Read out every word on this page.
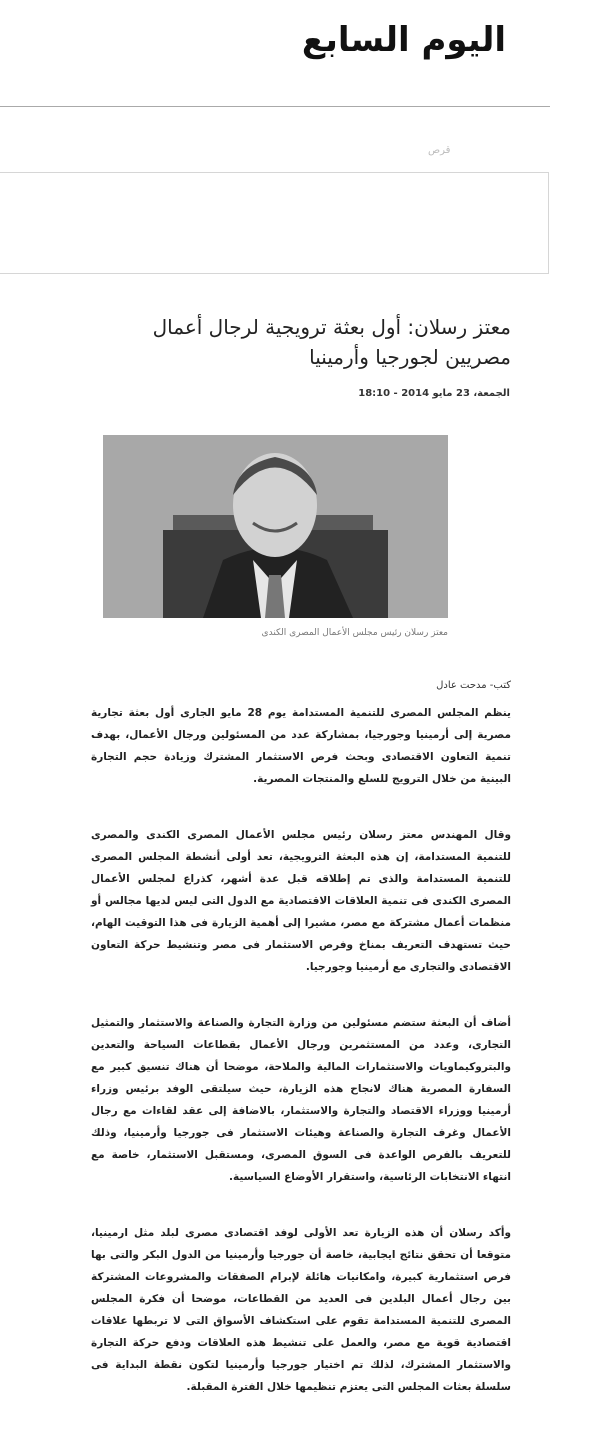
اليوم السابع
قرص
معتز رسلان: أول بعثة ترويجية لرجال أعمال مصريين لجورجيا وأرمينيا
الجمعة، 23 مايو 2014 - 18:10
معتز رسلان رئيس مجلس الأعمال المصرى الكندى
كتب- مدحت عادل

ينظم المجلس المصرى للتنمية المستدامة يوم 28 مايو الجارى أول بعثة تجارية مصرية إلى أرمينيا وجورجيا، بمشاركة عدد من المسئولين ورجال الأعمال، بهدف تنمية التعاون الاقتصادى وبحث فرص الاستثمار المشترك وزيادة حجم التجارة البينية من خلال الترويج للسلع والمنتجات المصرية.

وقال المهندس معتز رسلان رئيس مجلس الأعمال المصرى الكندى والمصرى للتنمية المستدامة، إن هذه البعثة الترويجية، تعد أولى أنشطة المجلس المصرى للتنمية المستدامة والذى تم إطلاقه قبل عدة أشهر، كذراع لمجلس الأعمال المصرى الكندى فى تنمية العلاقات الاقتصادية مع الدول التى ليس لديها مجالس أو منظمات أعمال مشتركة مع مصر، مشيرا إلى أهمية الزيارة فى هذا التوقيت الهام، حيث تستهدف التعريف بمناخ وفرص الاستثمار فى مصر وتنشيط حركة التعاون الاقتصادى والتجارى مع أرمينيا وجورجيا.

أضاف أن البعثة ستضم مسئولين من وزارة التجارة والصناعة والاستثمار والتمثيل التجارى، وعدد من المستثمرين ورجال الأعمال بقطاعات السياحة والتعدين والبتروكيماويات والاستثمارات المالية والملاحة، موضحا أن هناك تنسيق كبير مع السفارة المصرية هناك لانجاح هذه الزيارة، حيث سيلتقى الوفد برئيس وزراء أرمينيا ووزراء الاقتصاد والتجارة والاستثمار، بالاضافة إلى عقد لقاءات مع رجال الأعمال وغرف التجارة والصناعة وهيئات الاستثمار فى جورجيا وأرمينيا، وذلك للتعريف بالفرص الواعدة فى السوق المصرى، ومستقبل الاستثمار، خاصة مع انتهاء الانتخابات الرئاسية، واستقرار الأوضاع السياسية.

وأكد رسلان أن هذه الزيارة تعد الأولى لوفد اقتصادى مصرى لبلد مثل ارمينيا، متوقعا أن تحقق نتائج ايجابية، خاصة أن جورجيا وأرمينيا من الدول البكر والتى بها فرص استثمارية كبيرة، وامكانيات هائلة لإبرام الصفقات والمشروعات المشتركة بين رجال أعمال البلدين فى العديد من القطاعات، موضحا أن فكرة المجلس المصرى للتنمية المستدامة تقوم على استكشاف الأسواق التى لا تربطها علاقات اقتصادية قوية مع مصر، والعمل على تنشيط هذه العلاقات ودفع حركة التجارة والاستثمار المشترك، لذلك تم اختيار جورجيا وأرمينيا لتكون نقطة البداية فى سلسلة بعثات المجلس التى يعتزم تنظيمها خلال الفترة المقبلة.
